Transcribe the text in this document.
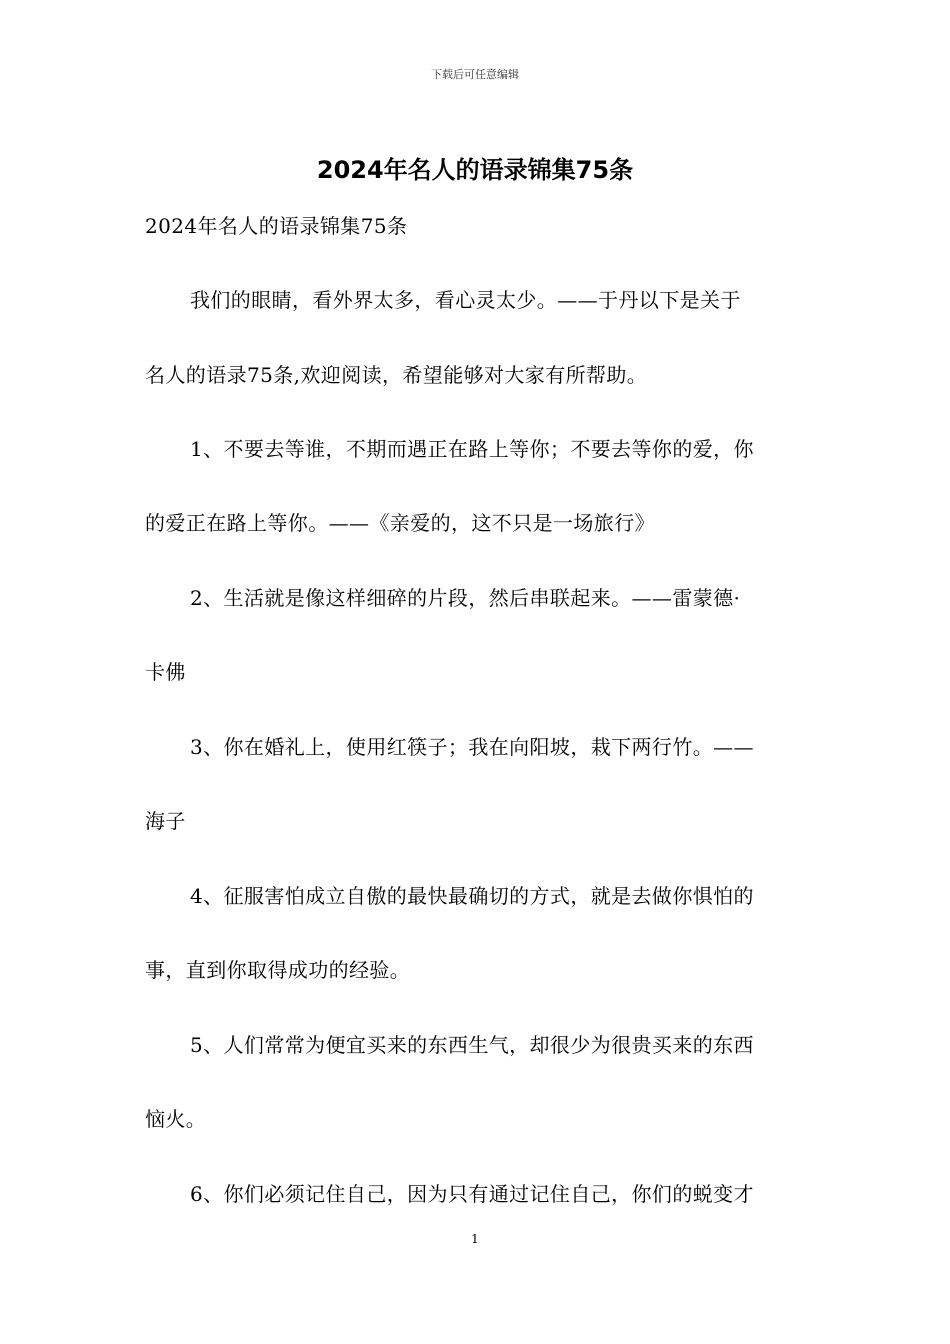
下载后可任意编辑
2024年名人的语录锦集75条
2024年名人的语录锦集75条
我们的眼睛，看外界太多，看心灵太少。——于丹以下是关于
名人的语录75条,欢迎阅读，希望能够对大家有所帮助。
1、不要去等谁，不期而遇正在路上等你；不要去等你的爱，你
的爱正在路上等你。——《亲爱的，这不只是一场旅行》
2、生活就是像这样细碎的片段，然后串联起来。——雷蒙德·
卡佛
3、你在婚礼上，使用红筷子；我在向阳坡，栽下两行竹。——
海子
4、征服害怕成立自傲的最快最确切的方式，就是去做你惧怕的
事，直到你取得成功的经验。
5、人们常常为便宜买来的东西生气，却很少为很贵买来的东西
恼火。
6、你们必须记住自己，因为只有通过记住自己，你们的蜕变才
1
